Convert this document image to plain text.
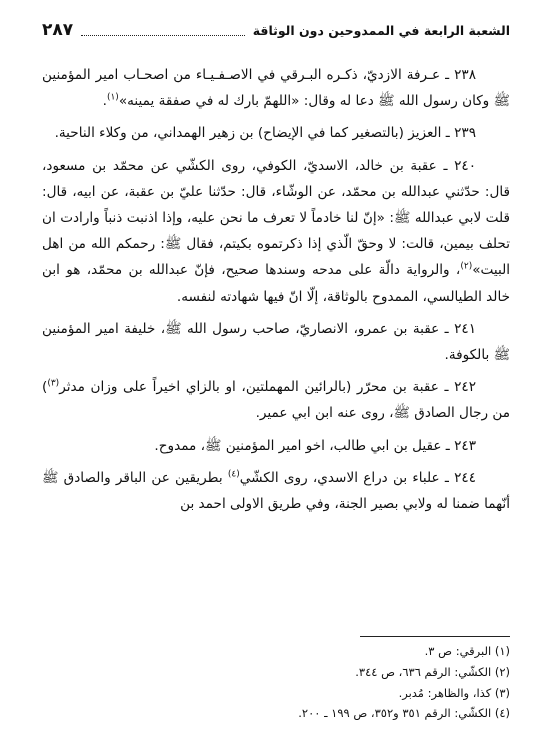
الشعبة الرابعة في الممدوحين دون الوثاقة
٢٨٧

٢٣٨ ـ عـرفة الازديّ، ذكـره البـرقي في الاصـفـيـاء من اصحـاب امير المؤمنين ﷺ وكان رسول الله ﷺ دعا له وقال: «اللهمّ بارك له في صفقة يمينه»$^{(١)}$.

٢٣٩ ـ العزيز (بالتصغير كما في الإيضاح) بن زهير الهمداني، من وكلاء الناحية.

٢٤٠ ـ عقبة بن خالد، الاسديّ، الكوفي، روى الكشّي عن محمّد بن مسعود، قال: حدّثني عبدالله بن محمّد، عن الوشّاء، قال: حدّثنا عليّ بن عقبة، عن ابيه، قال: قلت لابي عبدالله ﷺ: «إنّ لنا خادماً لا تعرف ما نحن عليه، وإذا اذنبت ذنباً وارادت ان تحلف بيمين، قالت: لا وحقّ الّذي إذا ذكرتموه بكيتم، فقال ﷺ: رحمكم الله من اهل البيت»$^{(٢)}$، والرواية دالّة على مدحه وسندها صحيح، فإنّ عبدالله بن محمّد، هو ابن خالد الطيالسي، الممدوح بالوثاقة، إلّا انّ فيها شهادته لنفسه.

٢٤١ ـ عقبة بن عمرو، الانصاريّ، صاحب رسول الله ﷺ، خليفة امير المؤمنين ﷺ بالكوفة.

٢٤٢ ـ عقبة بن محرّر (بالرائين المهملتين، او بالزاي اخيراً على وزان مدثر$^{(٣)}$) من رجال الصادق ﷺ، روى عنه ابن ابي عمير.

٢٤٣ ـ عقيل بن ابي طالب، اخو امير المؤمنين ﷺ، ممدوح.

٢٤٤ ـ علباء بن دراع الاسدي، روى الكشّي$^{(٤)}$ بطريقين عن الباقر والصادق ﷺ أنّهما ضمنا له ولابي بصير الجنة، وفي طريق الاولى احمد بن

(١) البرقي: ص ٣.

(٢) الكشّي: الرقم ٦٣٦، ص ٣٤٤.

(٣) كذا، والظاهر: مُدبر.

(٤) الكشّي: الرقم ٣٥١ و٣٥٢، ص ١٩٩ ـ ٢٠٠.
